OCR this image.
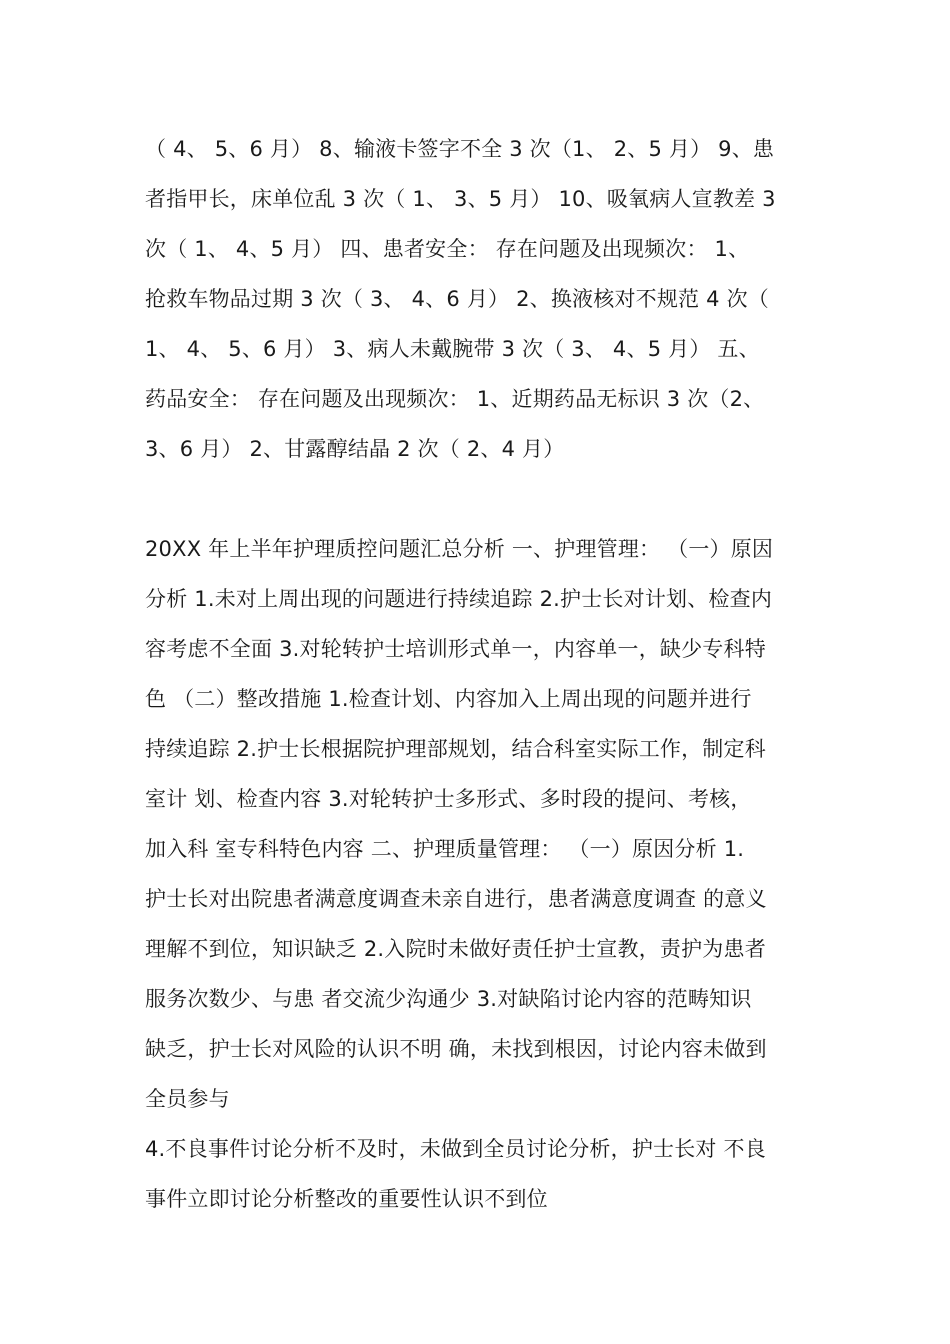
（ 4、 5、6 月） 8、输液卡签字不全 3 次（1、 2、5 月） 9、患
者指甲长，床单位乱 3 次（ 1、 3、5 月） 10、吸氧病人宣教差 3
次（ 1、 4、5 月） 四、患者安全： 存在问题及出现频次： 1、
抢救车物品过期 3 次（ 3、 4、6 月） 2、换液核对不规范 4 次（
1、 4、 5、6 月） 3、病人未戴腕带 3 次（ 3、 4、5 月） 五、
药品安全： 存在问题及出现频次： 1、近期药品无标识 3 次（2、
3、6 月） 2、甘露醇结晶 2 次（ 2、4 月）
20XX 年上半年护理质控问题汇总分析 一、护理管理： （一）原因
分析 1.未对上周出现的问题进行持续追踪 2.护士长对计划、检查内
容考虑不全面 3.对轮转护士培训形式单一，内容单一，缺少专科特
色 （二）整改措施 1.检查计划、内容加入上周出现的问题并进行
持续追踪 2.护士长根据院护理部规划，结合科室实际工作，制定科
室计 划、检查内容 3.对轮转护士多形式、多时段的提问、考核，
加入科 室专科特色内容 二、护理质量管理： （一）原因分析 1.
护士长对出院患者满意度调查未亲自进行，患者满意度调查 的意义
理解不到位，知识缺乏 2.入院时未做好责任护士宣教，责护为患者
服务次数少、与患 者交流少沟通少 3.对缺陷讨论内容的范畴知识
缺乏，护士长对风险的认识不明 确，未找到根因，讨论内容未做到
全员参与
4.不良事件讨论分析不及时，未做到全员讨论分析，护士长对 不良
事件立即讨论分析整改的重要性认识不到位
